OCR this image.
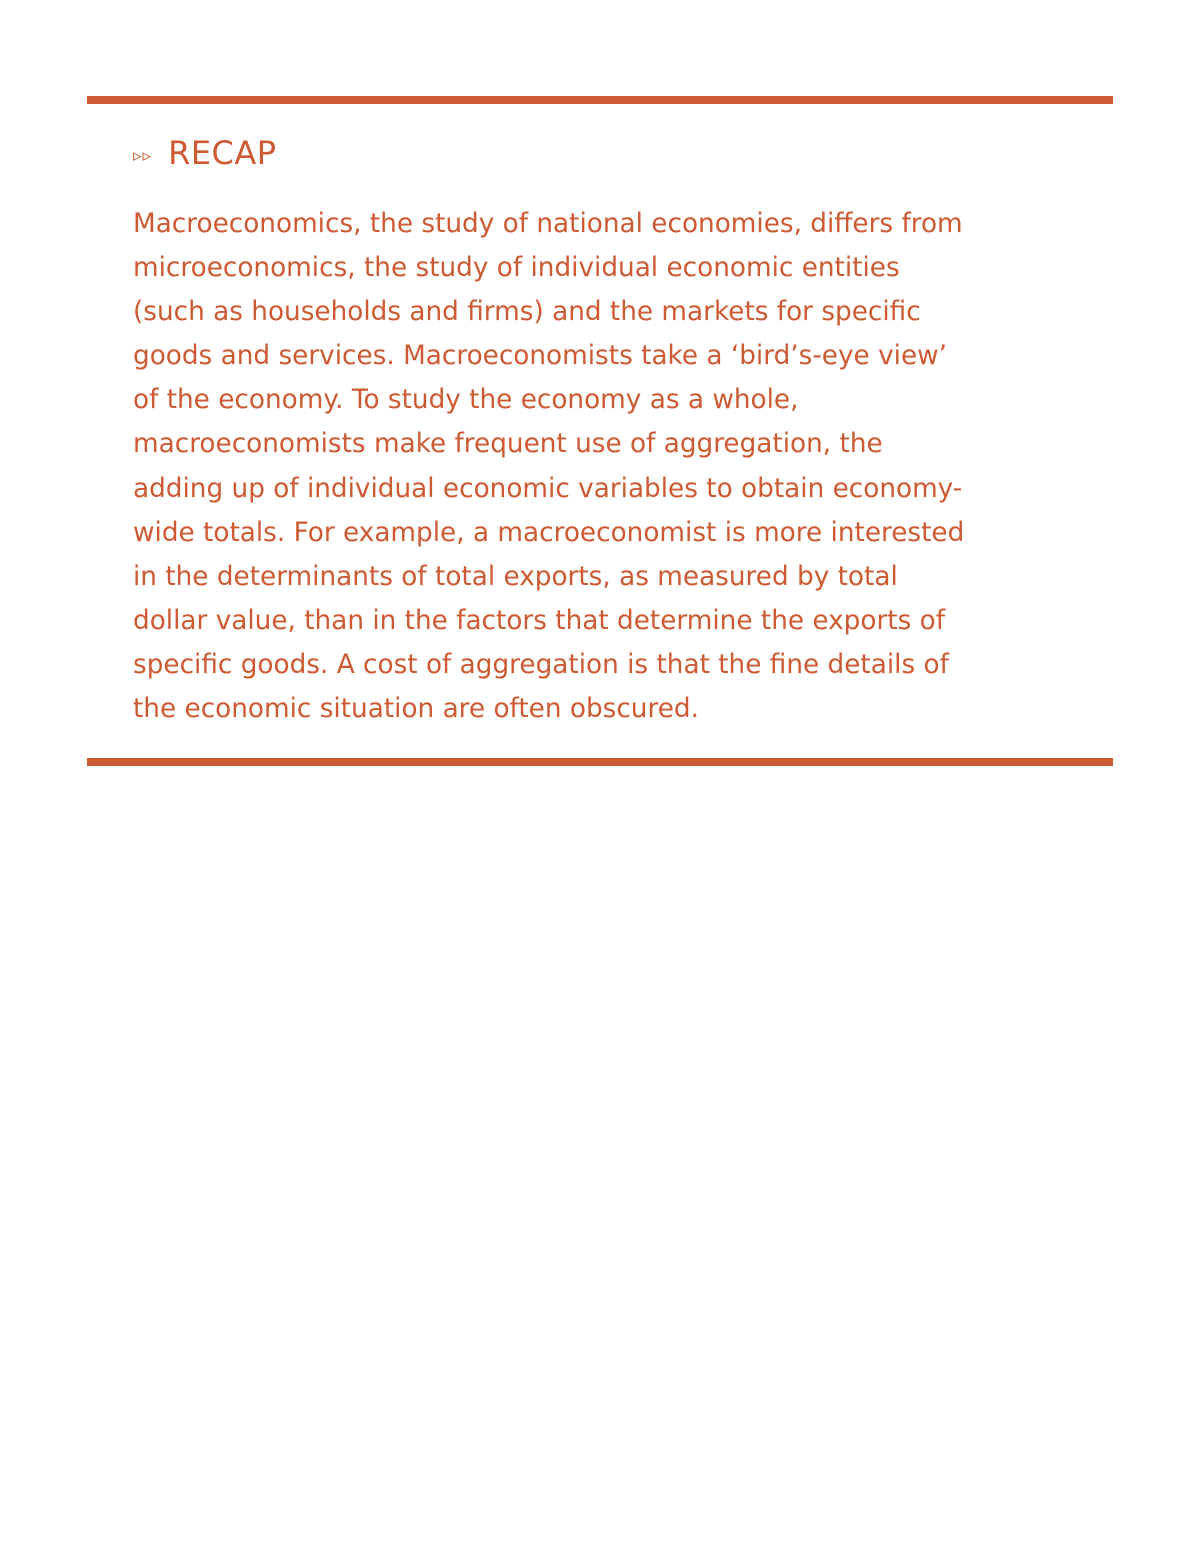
▹▹ RECAP

Macroeconomics, the study of national economies, differs from
microeconomics, the study of individual economic entities
(such as households and firms) and the markets for specific
goods and services. Macroeconomists take a ‘bird’s-eye view’
of the economy. To study the economy as a whole,
macroeconomists make frequent use of aggregation, the
adding up of individual economic variables to obtain economy-
wide totals. For example, a macroeconomist is more interested
in the determinants of total exports, as measured by total
dollar value, than in the factors that determine the exports of
specific goods. A cost of aggregation is that the fine details of
the economic situation are often obscured.
